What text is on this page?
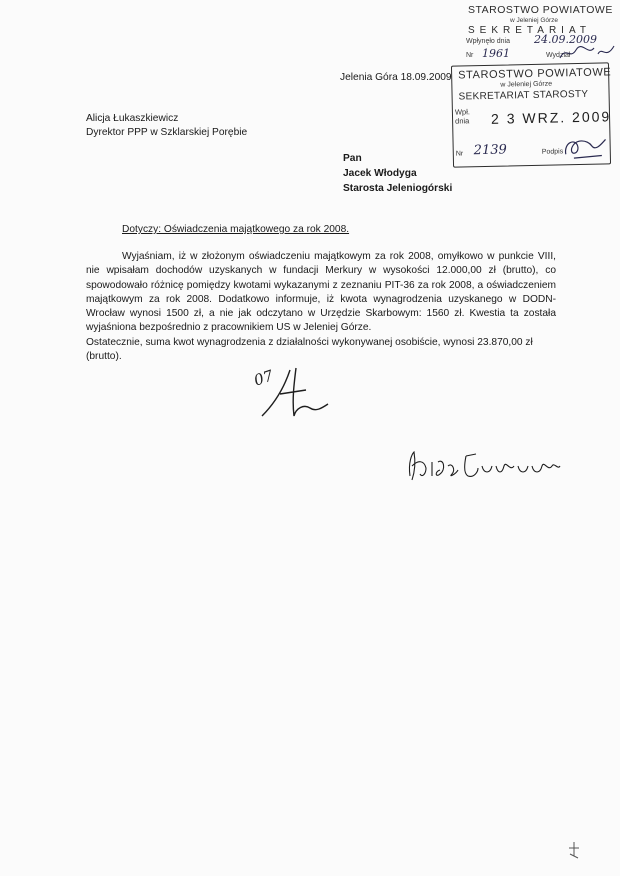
STAROSTWO POWIATOWE
w Jeleniej Górze
SEKRETARIAT
Wpłynęło dnia 24.09.2009
Nr 1961	Wydział
STAROSTWO POWIATOWE
w Jeleniej Górze
SEKRETARIAT STAROSTY
Wpł. dnia	2 3 WRZ. 2009
Nr 2139	Podpis
Jelenia Góra 18.09.2009
Alicja Łukaszkiewicz
Dyrektor PPP w Szklarskiej Porębie
Pan
Jacek Włodyga
Starosta Jeleniogórski
Dotyczy: Oświadczenia majątkowego za rok 2008.

Wyjaśniam, iż w złożonym oświadczeniu majątkowym za rok 2008, omyłkowo w punkcie VIII, nie wpisałam dochodów uzyskanych w fundacji Merkury w wysokości 12.000,00 zł (brutto), co spowodowało różnicę pomiędzy kwotami wykazanymi z zeznaniu PIT-36 za rok 2008, a oświadczeniem majątkowym za rok 2008. Dodatkowo informuje, iż kwota wynagrodzenia uzyskanego w DODN-Wrocław wynosi 1500 zł, a nie jak odczytano w Urzędzie Skarbowym: 1560 zł. Kwestia ta została wyjaśniona bezpośrednio z pracownikiem US w Jeleniej Górze.

Ostatecznie, suma kwot wynagrodzenia z działalności wykonywanej osobiście, wynosi 23.870,00 zł (brutto).

07
